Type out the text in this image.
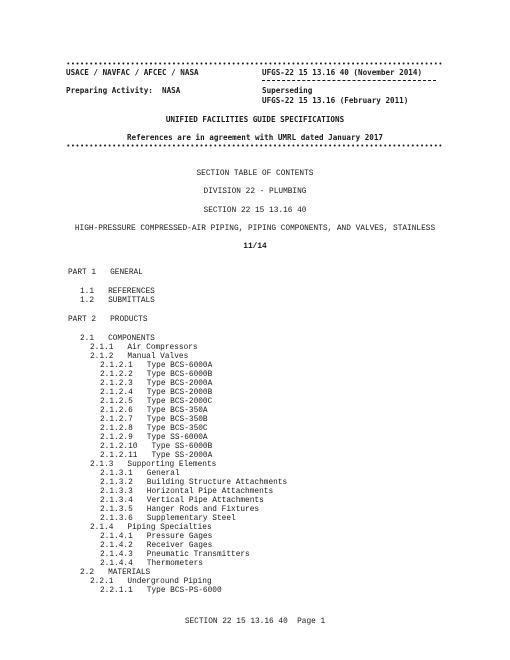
USACE / NAVFAC / AFCEC / NASA	UFGS-22 15 13.16 40 (November 2014)
Preparing Activity:  NASA	Superseding
UFGS-22 15 13.16 (February 2011)
UNIFIED FACILITIES GUIDE SPECIFICATIONS
References are in agreement with UMRL dated January 2017
SECTION TABLE OF CONTENTS
DIVISION 22 - PLUMBING
SECTION 22 15 13.16 40
HIGH-PRESSURE COMPRESSED-AIR PIPING, PIPING COMPONENTS, AND VALVES, STAINLESS
11/14
PART 1   GENERAL
1.1   REFERENCES
1.2   SUBMITTALS
PART 2   PRODUCTS
2.1   COMPONENTS
2.1.1   Air Compressors
2.1.2   Manual Valves
2.1.2.1   Type BCS-6000A
2.1.2.2   Type BCS-6000B
2.1.2.3   Type BCS-2000A
2.1.2.4   Type BCS-2000B
2.1.2.5   Type BCS-2000C
2.1.2.6   Type BCS-350A
2.1.2.7   Type BCS-350B
2.1.2.8   Type BCS-350C
2.1.2.9   Type SS-6000A
2.1.2.10   Type SS-6000B
2.1.2.11   Type SS-2000A
2.1.3   Supporting Elements
2.1.3.1   General
2.1.3.2   Building Structure Attachments
2.1.3.3   Horizontal Pipe Attachments
2.1.3.4   Vertical Pipe Attachments
2.1.3.5   Hanger Rods and Fixtures
2.1.3.6   Supplementary Steel
2.1.4   Piping Specialties
2.1.4.1   Pressure Gages
2.1.4.2   Receiver Gages
2.1.4.3   Pneumatic Transmitters
2.1.4.4   Thermometers
2.2   MATERIALS
2.2.1   Underground Piping
2.2.1.1   Type BCS-PS-6000
SECTION 22 15 13.16 40  Page 1
